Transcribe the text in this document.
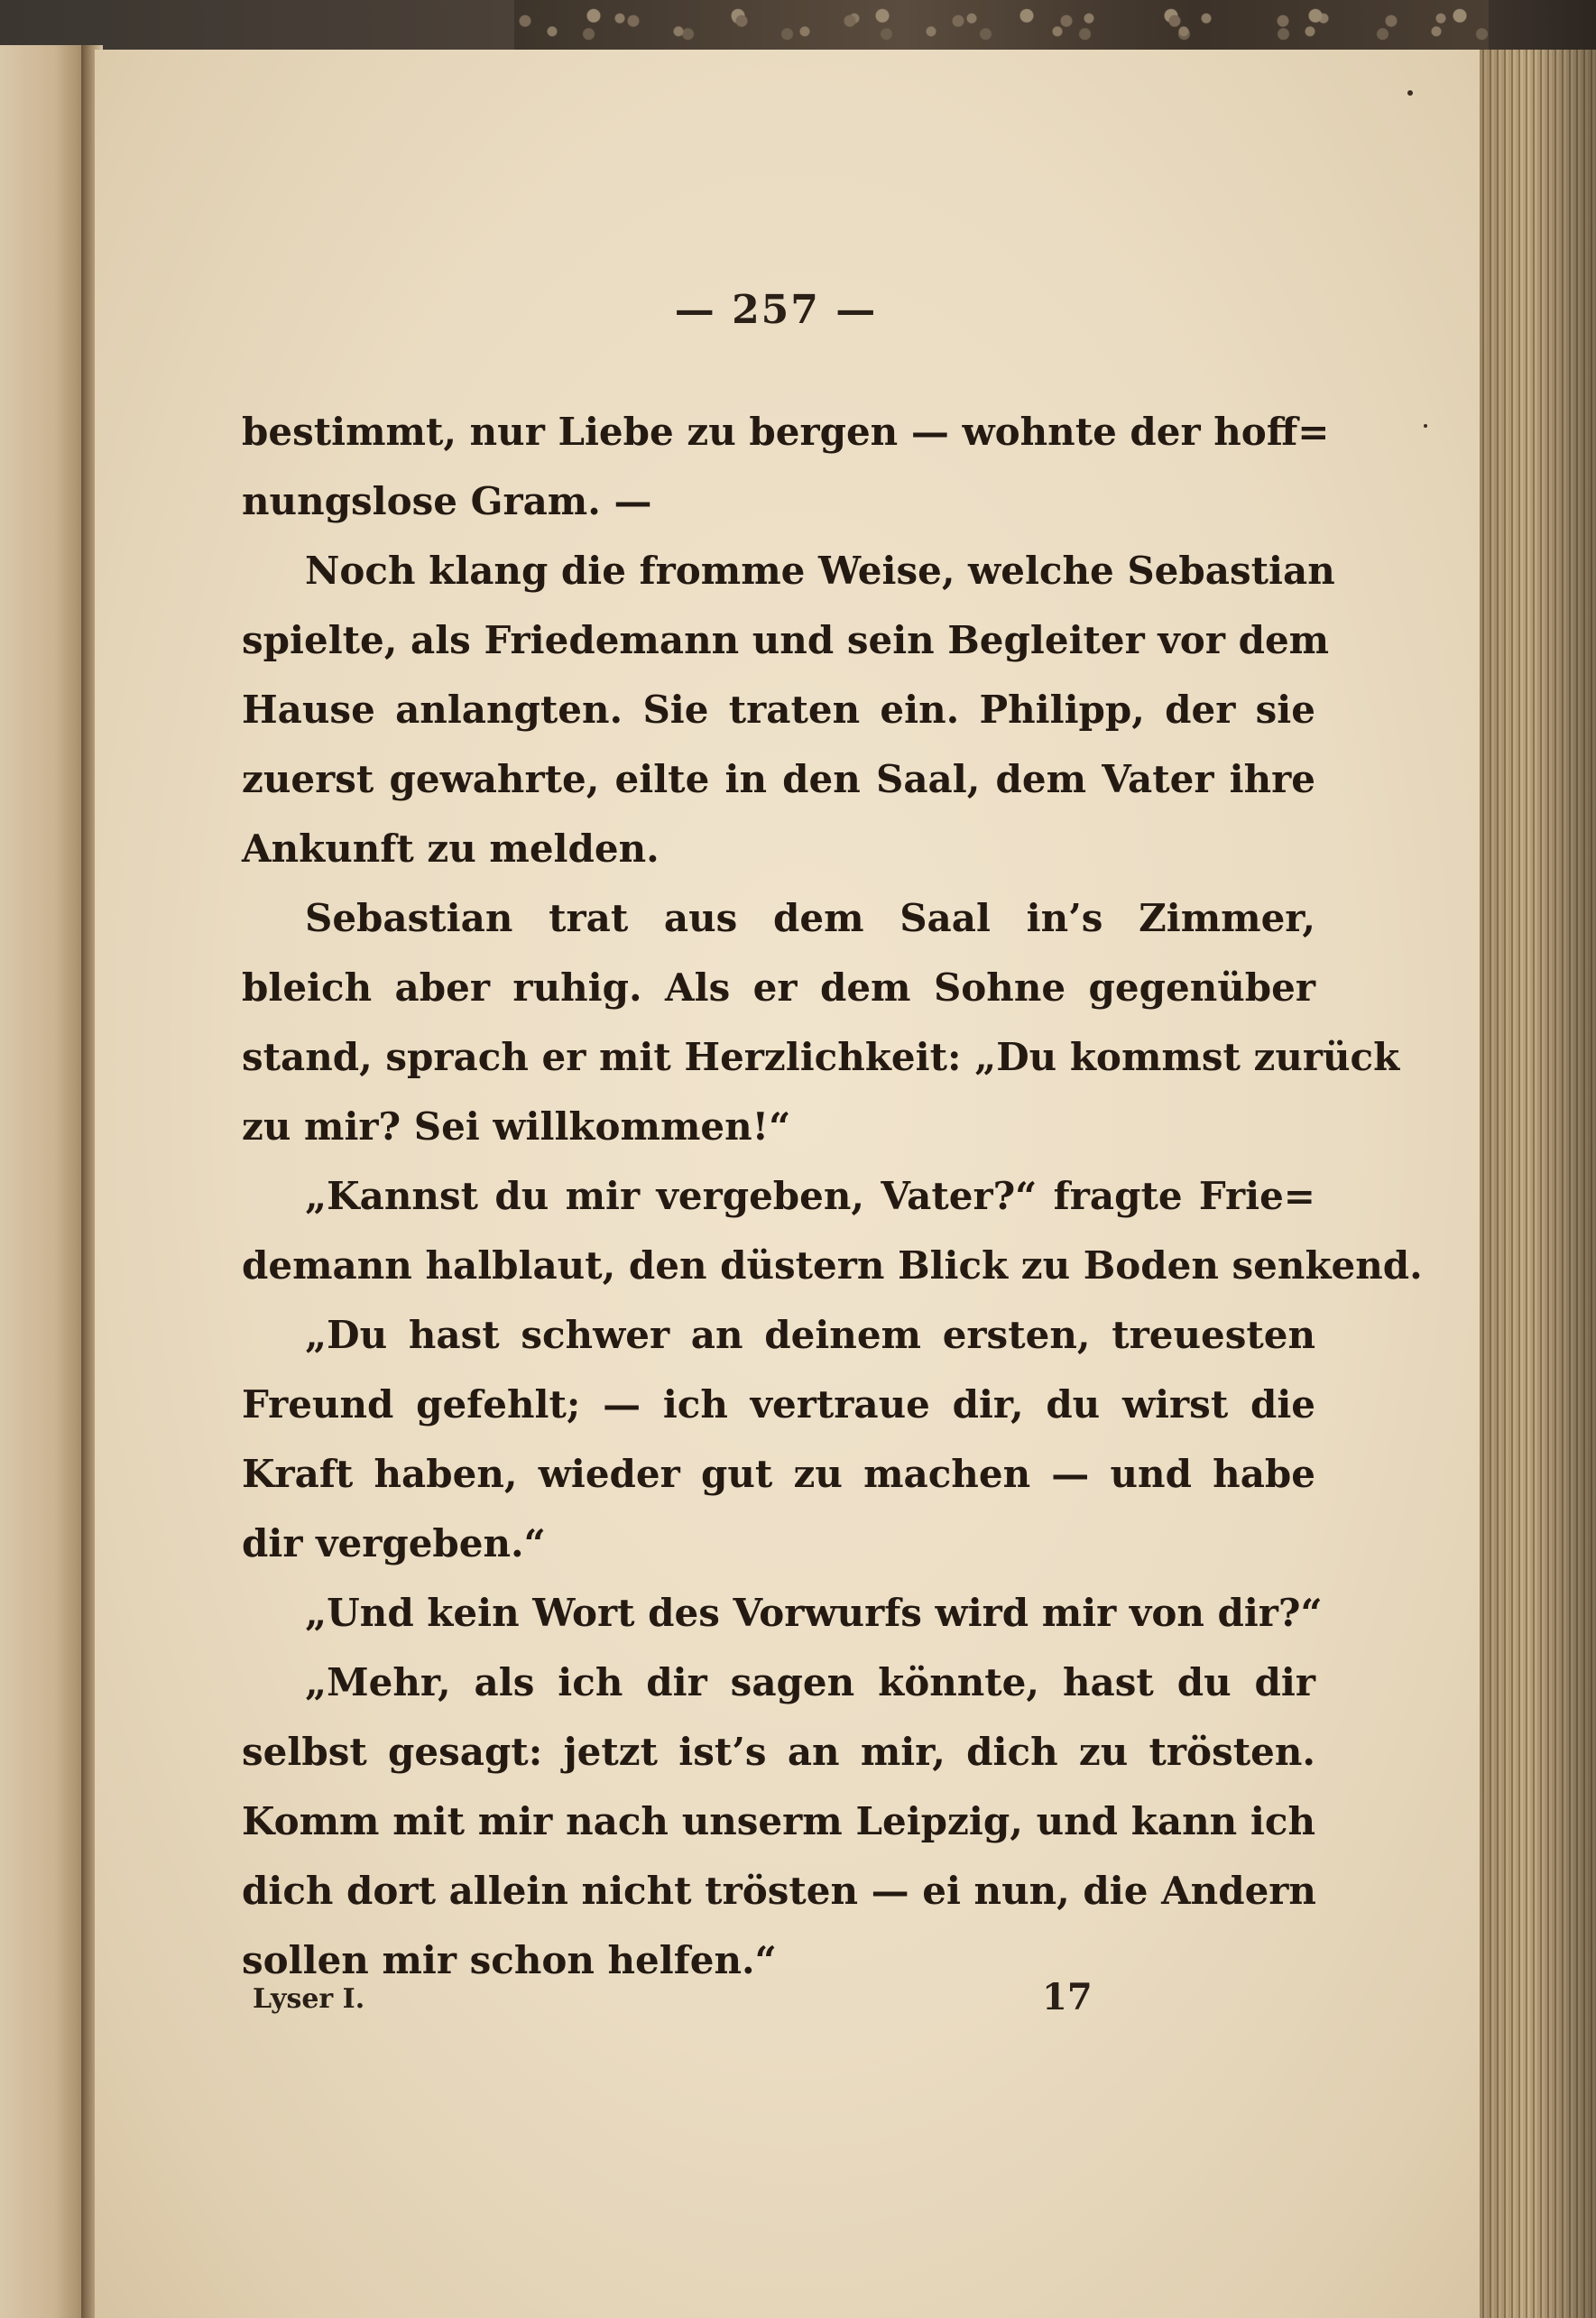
— 257 —
bestimmt, nur Liebe zu bergen — wohnte der hoff=
nungslose Gram. —
Noch klang die fromme Weise, welche Sebastian
spielte, als Friedemann und sein Begleiter vor dem
Hause anlangten. Sie traten ein. Philipp, der sie
zuerst gewahrte, eilte in den Saal, dem Vater ihre
Ankunft zu melden.
Sebastian trat aus dem Saal in’s Zimmer,
bleich aber ruhig. Als er dem Sohne gegenüber
stand, sprach er mit Herzlichkeit: „Du kommst zurück
zu mir? Sei willkommen!“
„Kannst du mir vergeben, Vater?“ fragte Frie=
demann halblaut, den düstern Blick zu Boden senkend.
„Du hast schwer an deinem ersten, treuesten
Freund gefehlt; — ich vertraue dir, du wirst die
Kraft haben, wieder gut zu machen — und habe
dir vergeben.“
„Und kein Wort des Vorwurfs wird mir von dir?“
„Mehr, als ich dir sagen könnte, hast du dir
selbst gesagt: jetzt ist’s an mir, dich zu trösten.
Komm mit mir nach unserm Leipzig, und kann ich
dich dort allein nicht trösten — ei nun, die Andern
sollen mir schon helfen.“
Lyser I.	17
